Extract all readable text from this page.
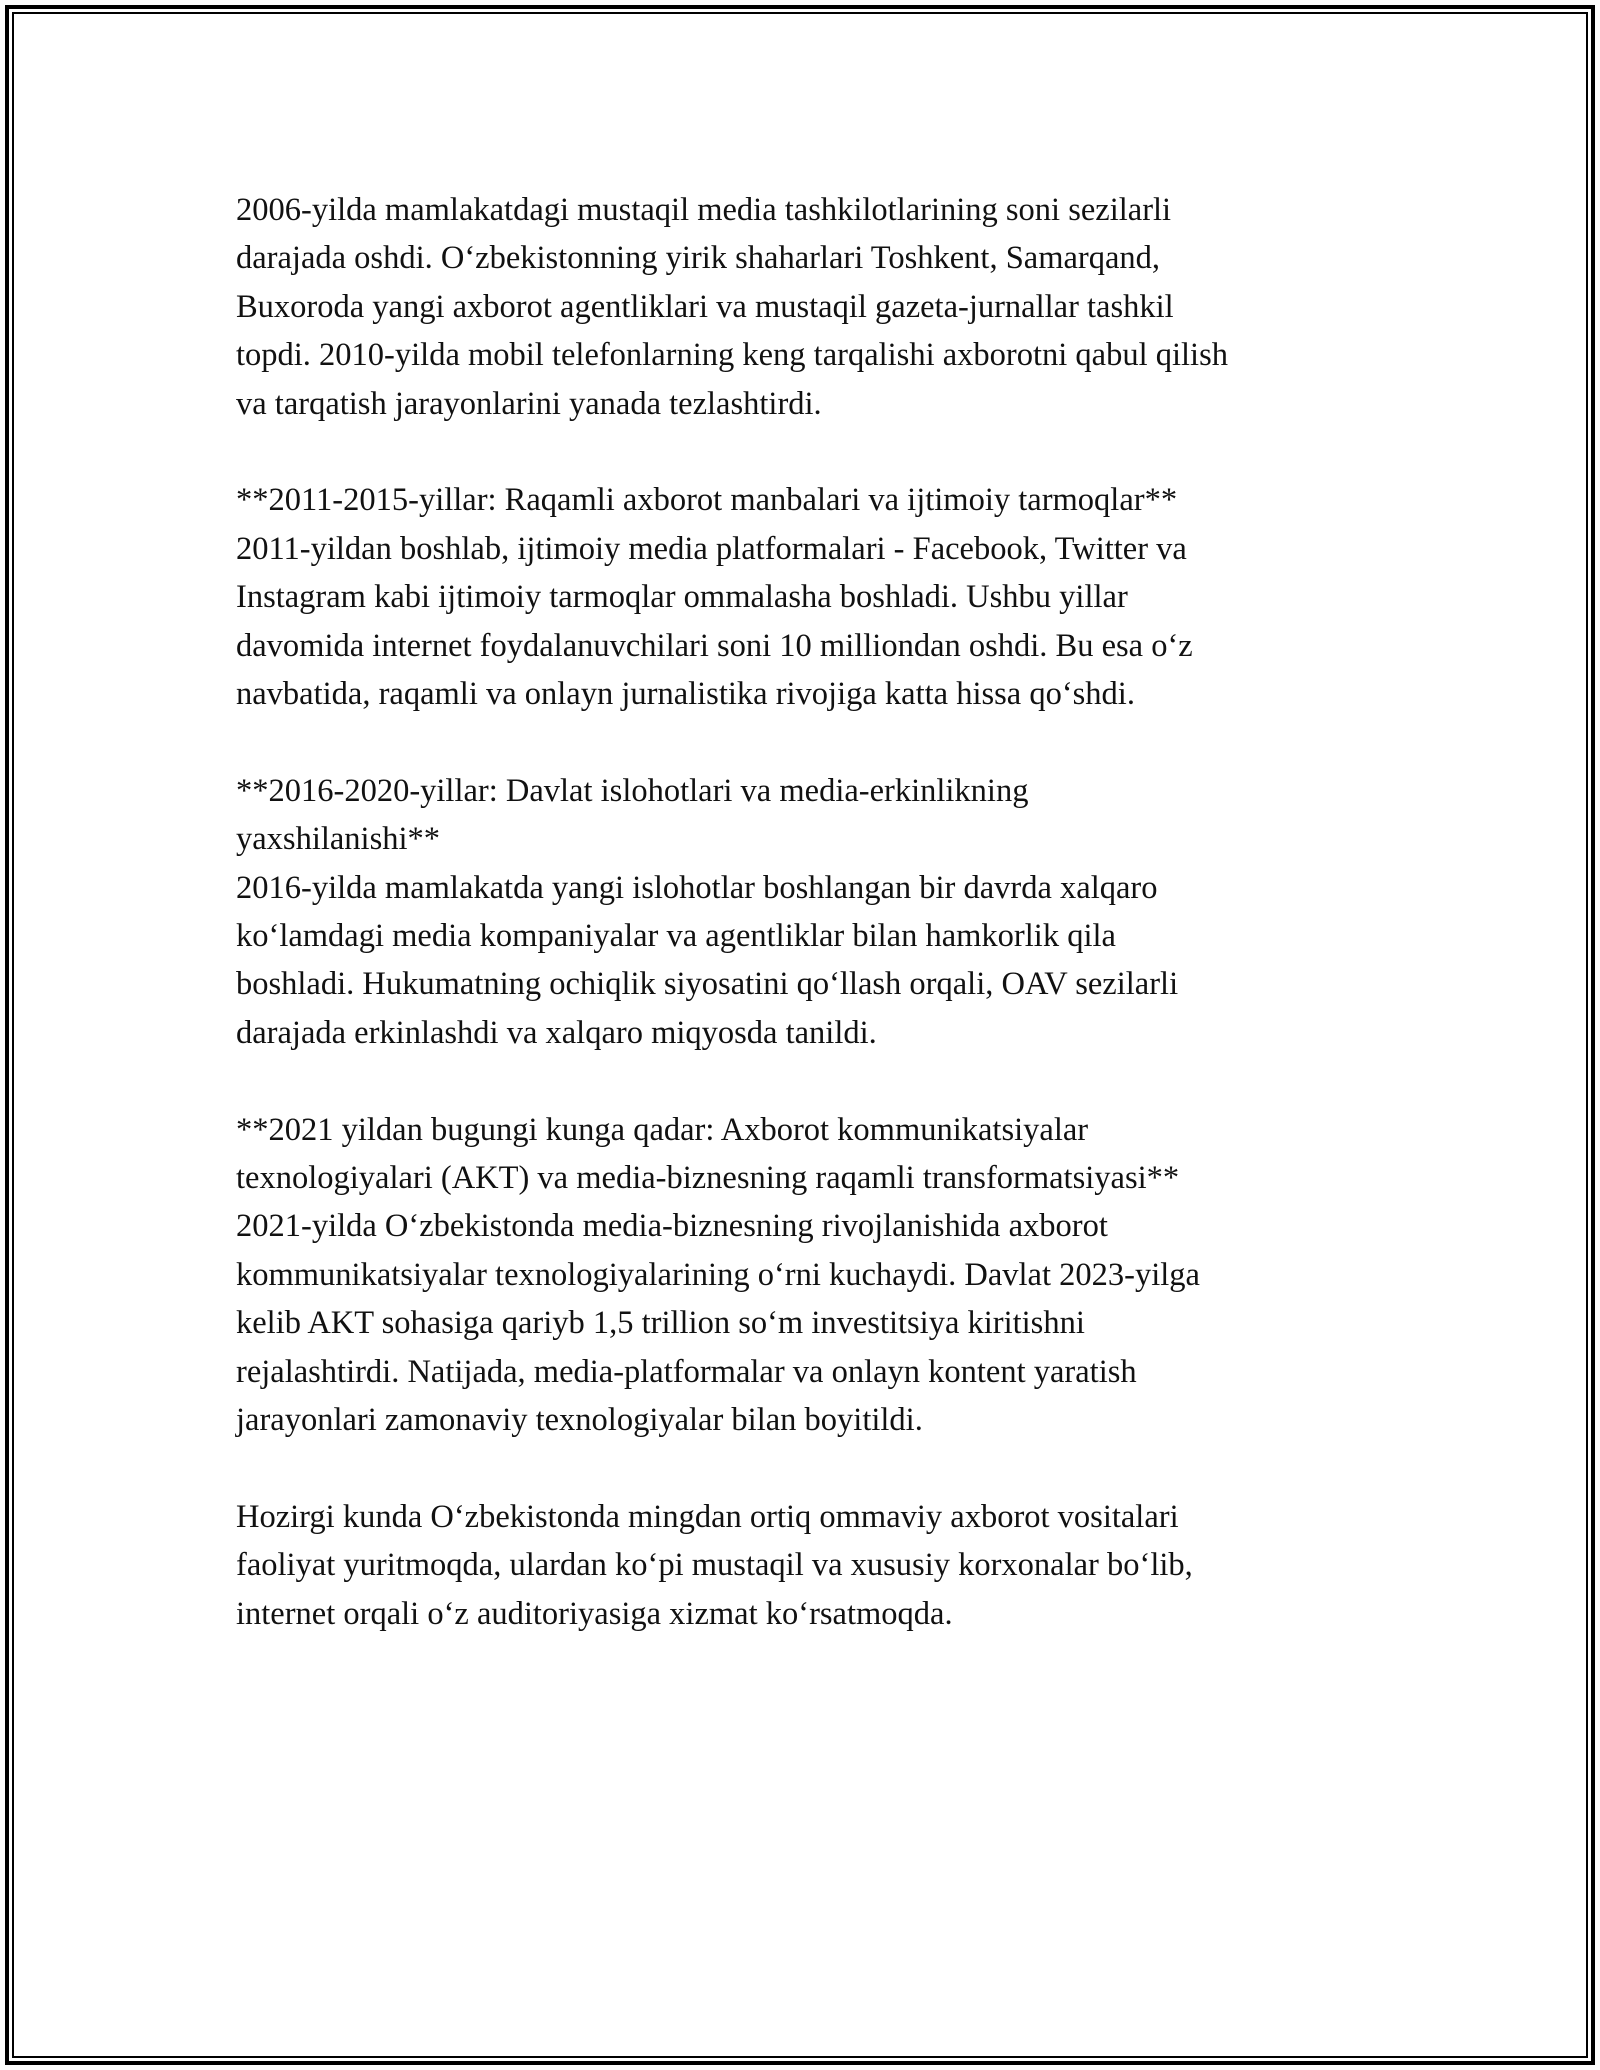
2006-yilda mamlakatdagi mustaqil media tashkilotlarining soni sezilarli
darajada oshdi. Oʻzbekistonning yirik shaharlari Toshkent, Samarqand,
Buxoroda yangi axborot agentliklari va mustaqil gazeta-jurnallar tashkil
topdi. 2010-yilda mobil telefonlarning keng tarqalishi axborotni qabul qilish
va tarqatish jarayonlarini yanada tezlashtirdi.

**2011-2015-yillar: Raqamli axborot manbalari va ijtimoiy tarmoqlar**
2011-yildan boshlab, ijtimoiy media platformalari - Facebook, Twitter va
Instagram kabi ijtimoiy tarmoqlar ommalasha boshladi. Ushbu yillar
davomida internet foydalanuvchilari soni 10 milliondan oshdi. Bu esa oʻz
navbatida, raqamli va onlayn jurnalistika rivojiga katta hissa qoʻshdi.

**2016-2020-yillar: Davlat islohotlari va media-erkinlikning
yaxshilanishi**
2016-yilda mamlakatda yangi islohotlar boshlangan bir davrda xalqaro
koʻlamdagi media kompaniyalar va agentliklar bilan hamkorlik qila
boshladi. Hukumatning ochiqlik siyosatini qoʻllash orqali, OAV sezilarli
darajada erkinlashdi va xalqaro miqyosda tanildi.

**2021 yildan bugungi kunga qadar: Axborot kommunikatsiyalar
texnologiyalari (AKT) va media-biznesning raqamli transformatsiyasi**
2021-yilda Oʻzbekistonda media-biznesning rivojlanishida axborot
kommunikatsiyalar texnologiyalarining oʻrni kuchaydi. Davlat 2023-yilga
kelib AKT sohasiga qariyb 1,5 trillion soʻm investitsiya kiritishni
rejalashtirdi. Natijada, media-platformalar va onlayn kontent yaratish
jarayonlari zamonaviy texnologiyalar bilan boyitildi.

Hozirgi kunda Oʻzbekistonda mingdan ortiq ommaviy axborot vositalari
faoliyat yuritmoqda, ulardan koʻpi mustaqil va xususiy korxonalar boʻlib,
internet orqali oʻz auditoriyasiga xizmat koʻrsatmoqda.
